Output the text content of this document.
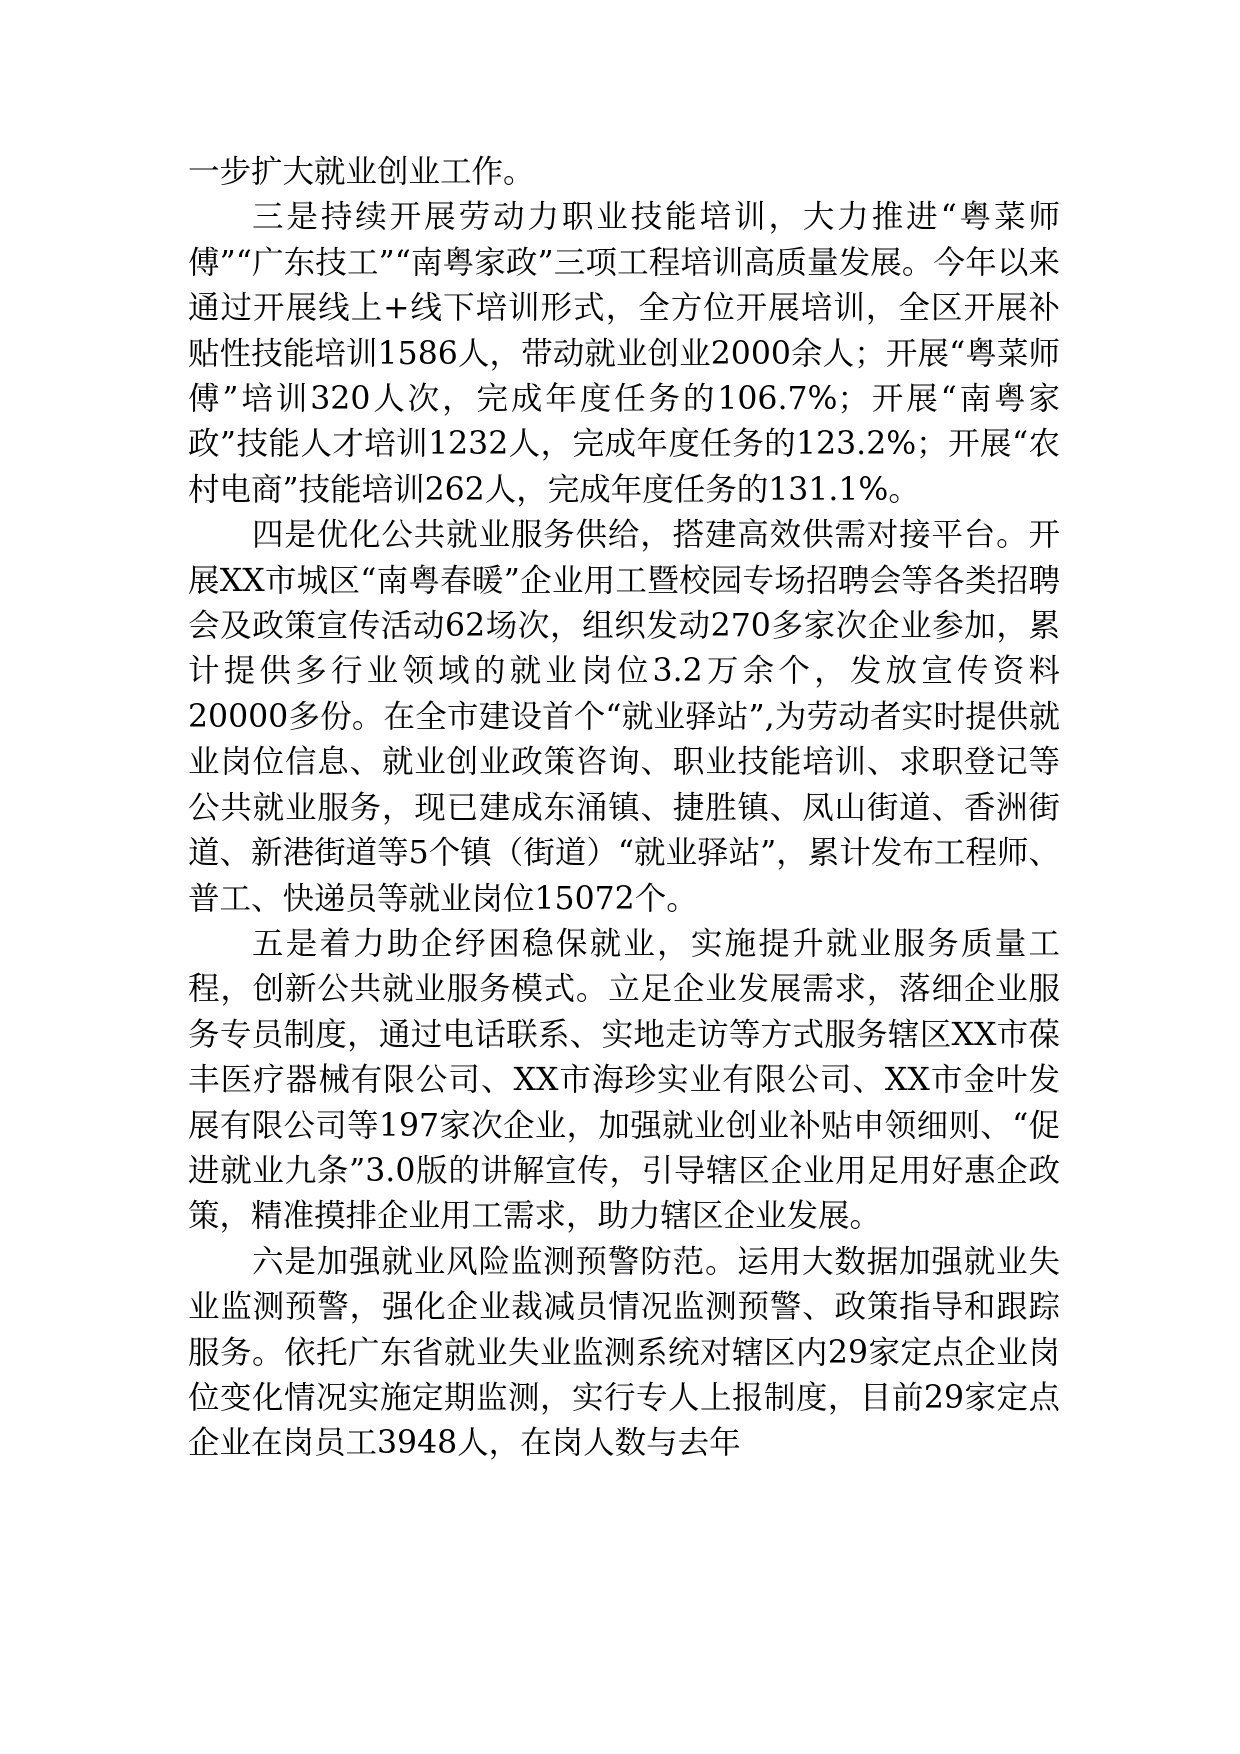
一步扩大就业创业工作。

三是持续开展劳动力职业技能培训，大力推进“粤菜师傅”“广东技工”“南粤家政”三项工程培训高质量发展。今年以来通过开展线上+线下培训形式，全方位开展培训，全区开展补贴性技能培训1586人，带动就业创业2000余人；开展“粤菜师傅”培训320人次，完成年度任务的106.7%；开展“南粤家政”技能人才培训1232人，完成年度任务的123.2%；开展“农村电商”技能培训262人，完成年度任务的131.1%。

四是优化公共就业服务供给，搭建高效供需对接平台。开展XX市城区“南粤春暖”企业用工暨校园专场招聘会等各类招聘会及政策宣传活动62场次，组织发动270多家次企业参加，累计提供多行业领域的就业岗位3.2万余个，发放宣传资料20000多份。在全市建设首个“就业驿站”,为劳动者实时提供就业岗位信息、就业创业政策咨询、职业技能培训、求职登记等公共就业服务，现已建成东涌镇、捷胜镇、凤山街道、香洲街道、新港街道等5个镇（街道）“就业驿站”，累计发布工程师、普工、快递员等就业岗位15072个。

五是着力助企纾困稳保就业，实施提升就业服务质量工程，创新公共就业服务模式。立足企业发展需求，落细企业服务专员制度，通过电话联系、实地走访等方式服务辖区XX市葆丰医疗器械有限公司、XX市海珍实业有限公司、XX市金叶发展有限公司等197家次企业，加强就业创业补贴申领细则、“促进就业九条”3.0版的讲解宣传，引导辖区企业用足用好惠企政策，精准摸排企业用工需求，助力辖区企业发展。

六是加强就业风险监测预警防范。运用大数据加强就业失业监测预警，强化企业裁减员情况监测预警、政策指导和跟踪服务。依托广东省就业失业监测系统对辖区内29家定点企业岗位变化情况实施定期监测，实行专人上报制度，目前29家定点企业在岗员工3948人，在岗人数与去年
